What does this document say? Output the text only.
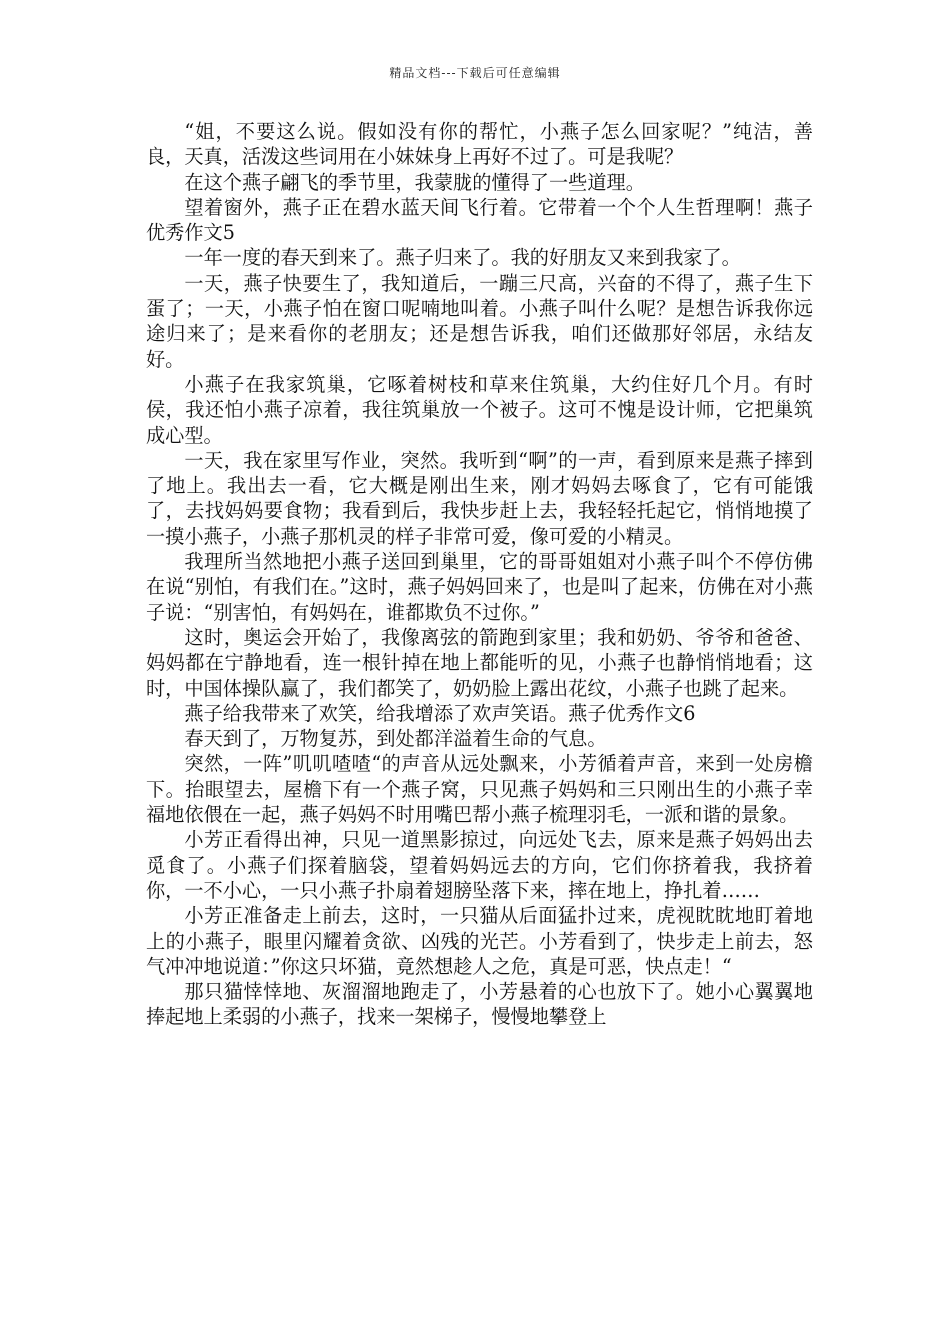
精品文档---下载后可任意编辑

“姐，不要这么说。假如没有你的帮忙，小燕子怎么回家呢？”纯洁，善良，天真，活泼这些词用在小妹妹身上再好不过了。可是我呢？

在这个燕子翩飞的季节里，我蒙胧的懂得了一些道理。

望着窗外，燕子正在碧水蓝天间飞行着。它带着一个个人生哲理啊！燕子优秀作文5

一年一度的春天到来了。燕子归来了。我的好朋友又来到我家了。

一天，燕子快要生了，我知道后，一蹦三尺高，兴奋的不得了，燕子生下蛋了；一天，小燕子怕在窗口呢喃地叫着。小燕子叫什么呢？是想告诉我你远途归来了；是来看你的老朋友；还是想告诉我，咱们还做那好邻居，永结友好。

小燕子在我家筑巢，它啄着树枝和草来住筑巢，大约住好几个月。有时侯，我还怕小燕子凉着，我往筑巢放一个被子。这可不愧是设计师，它把巢筑成心型。

一天，我在家里写作业，突然。我听到“啊”的一声，看到原来是燕子摔到了地上。我出去一看，它大概是刚出生来，刚才妈妈去啄食了，它有可能饿了，去找妈妈要食物；我看到后，我快步赶上去，我轻轻托起它，悄悄地摸了一摸小燕子，小燕子那机灵的样子非常可爱，像可爱的小精灵。

我理所当然地把小燕子送回到巢里，它的哥哥姐姐对小燕子叫个不停仿佛在说“别怕，有我们在。”这时，燕子妈妈回来了，也是叫了起来，仿佛在对小燕子说：“别害怕，有妈妈在，谁都欺负不过你。”

这时，奥运会开始了，我像离弦的箭跑到家里；我和奶奶、爷爷和爸爸、妈妈都在宁静地看，连一根针掉在地上都能听的见，小燕子也静悄悄地看；这时，中国体操队赢了，我们都笑了，奶奶脸上露出花纹，小燕子也跳了起来。

燕子给我带来了欢笑，给我增添了欢声笑语。燕子优秀作文6

春天到了，万物复苏，到处都洋溢着生命的气息。

突然，一阵”叽叽喳喳“的声音从远处飘来，小芳循着声音，来到一处房檐下。抬眼望去，屋檐下有一个燕子窝，只见燕子妈妈和三只刚出生的小燕子幸福地依偎在一起，燕子妈妈不时用嘴巴帮小燕子梳理羽毛，一派和谐的景象。

小芳正看得出神，只见一道黑影掠过，向远处飞去，原来是燕子妈妈出去觅食了。小燕子们探着脑袋，望着妈妈远去的方向，它们你挤着我，我挤着你，一不小心，一只小燕子扑扇着翅膀坠落下来，摔在地上，挣扎着……

小芳正准备走上前去，这时，一只猫从后面猛扑过来，虎视眈眈地盯着地上的小燕子，眼里闪耀着贪欲、凶残的光芒。小芳看到了，快步走上前去，怒气冲冲地说道：”你这只坏猫，竟然想趁人之危，真是可恶，快点走！“

那只猫悻悻地、灰溜溜地跑走了，小芳悬着的心也放下了。她小心翼翼地捧起地上柔弱的小燕子，找来一架梯子，慢慢地攀登上
